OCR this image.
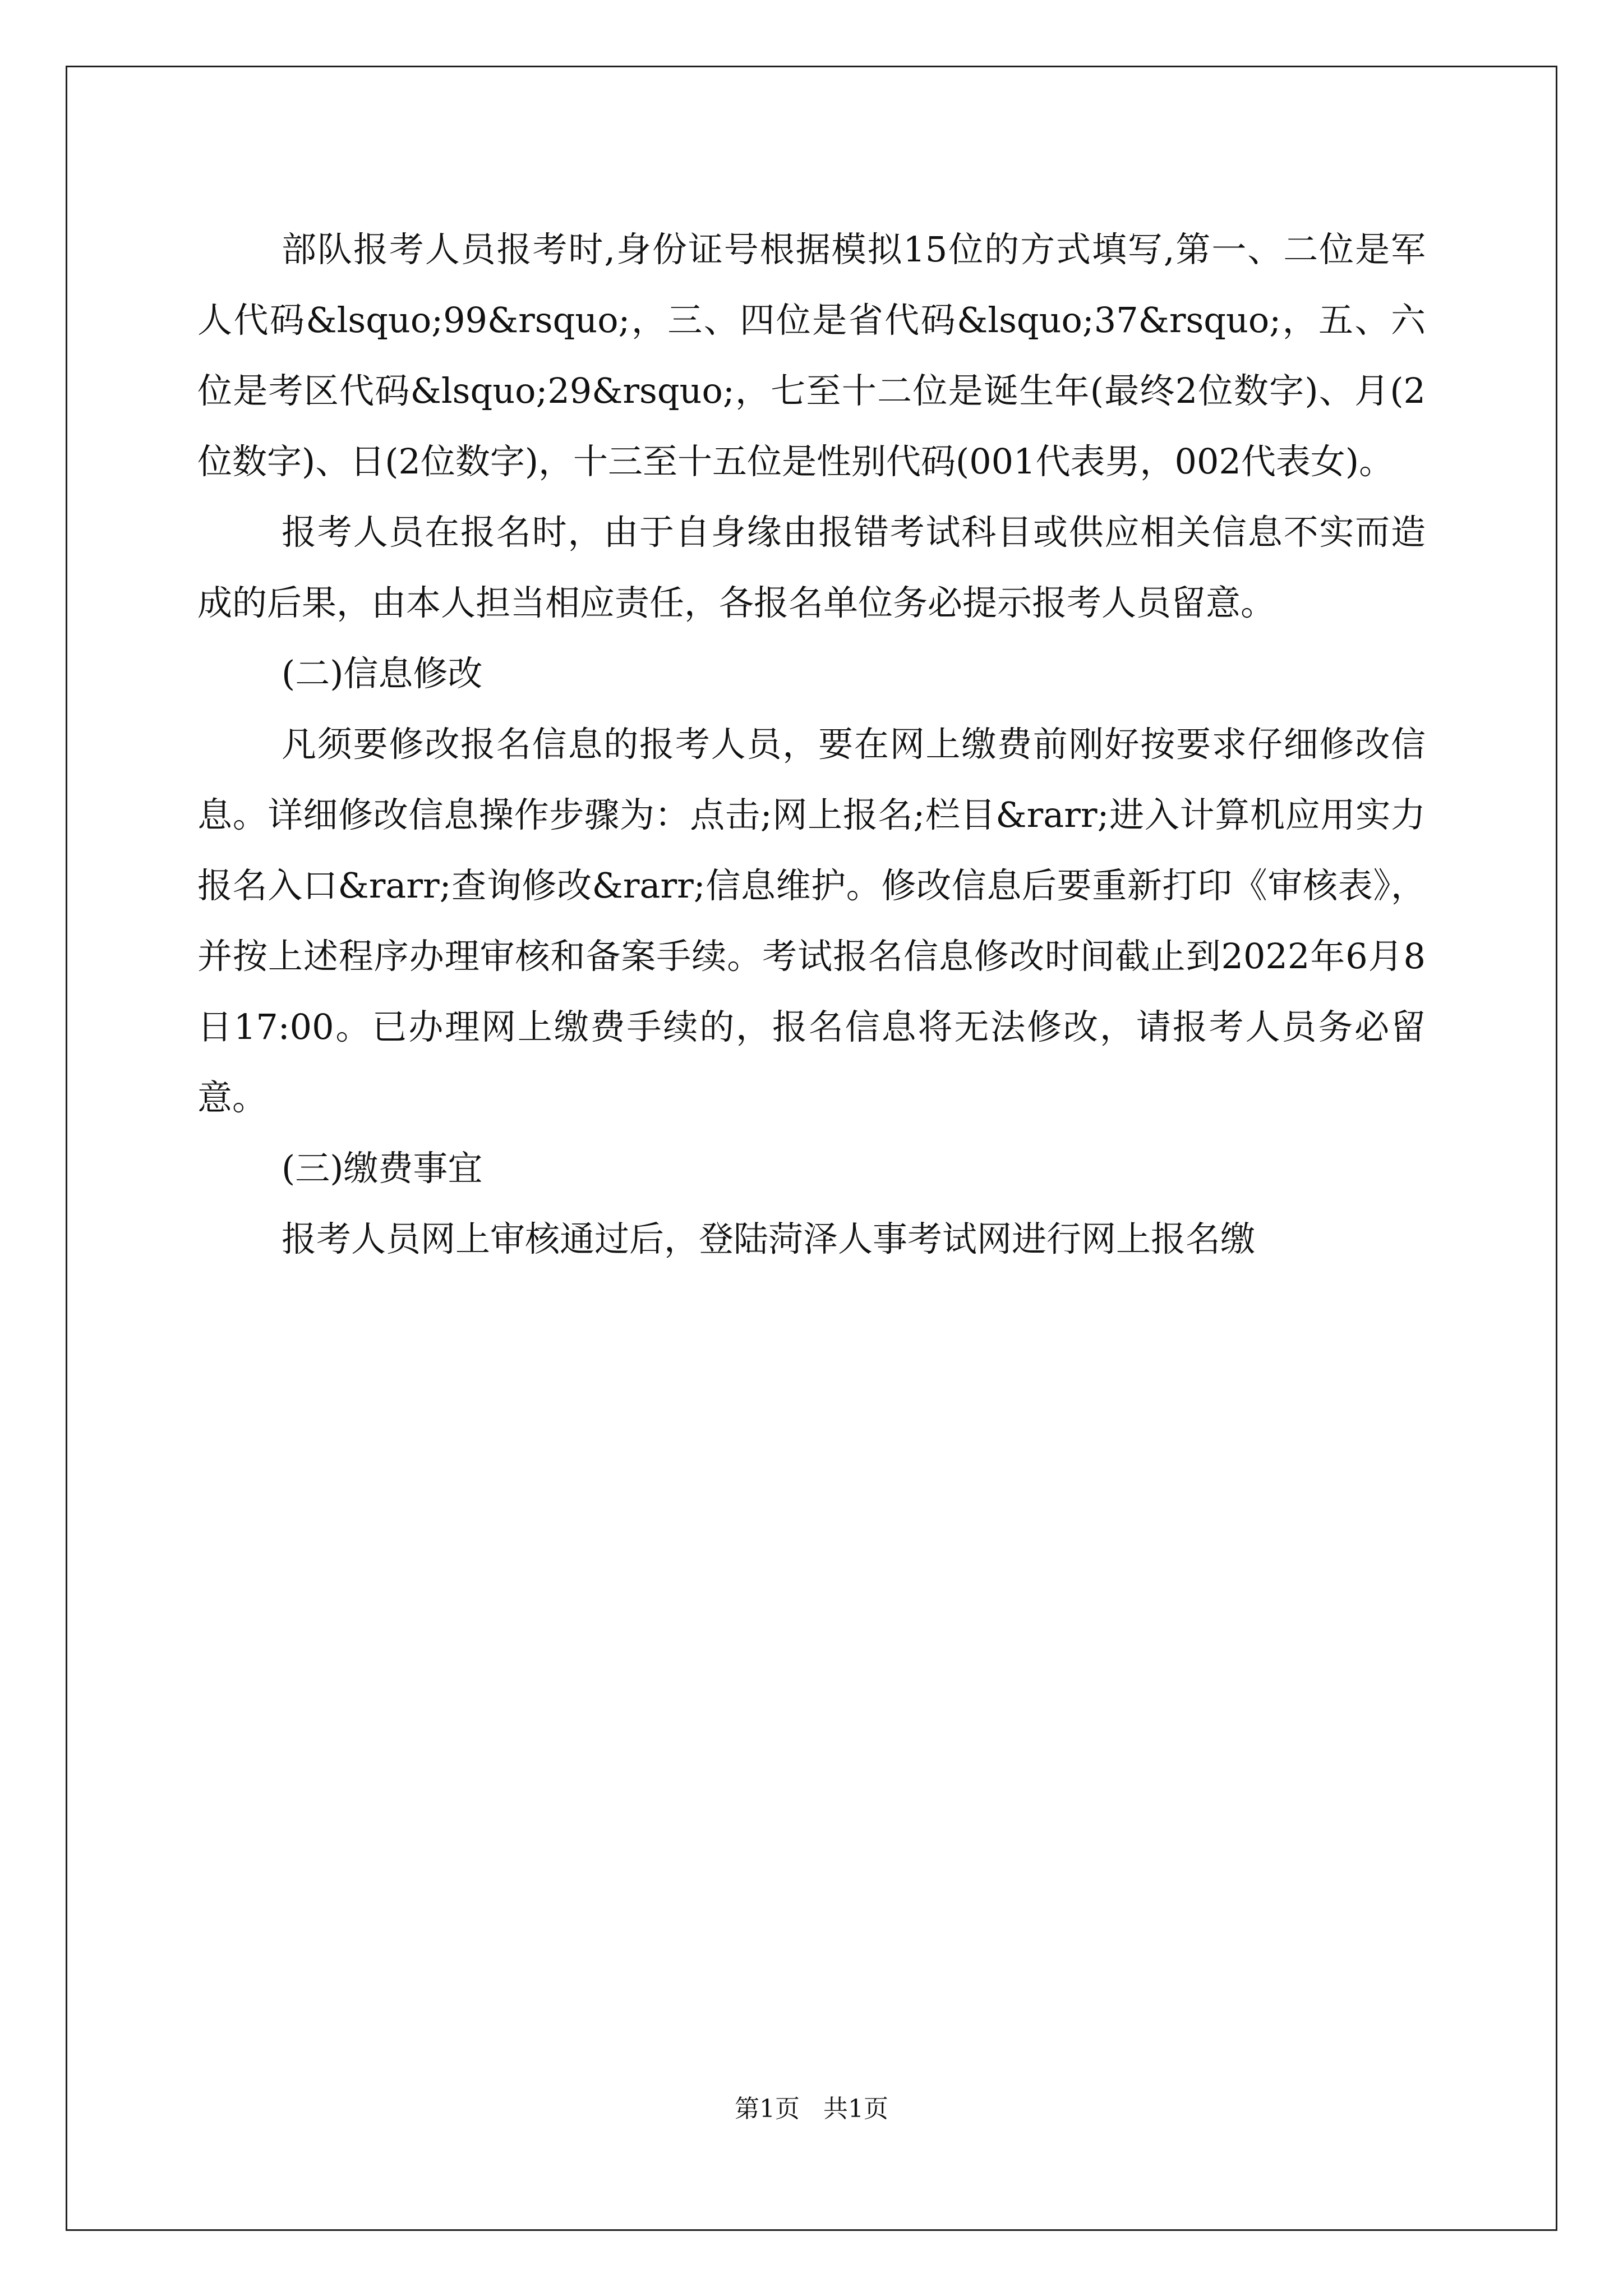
部队报考人员报考时,身份证号根据模拟15位的方式填写,第一、二位是军人代码&lsquo;99&rsquo;，三、四位是省代码&lsquo;37&rsquo;，五、六位是考区代码&lsquo;29&rsquo;，七至十二位是诞生年(最终2位数字)、月(2位数字)、日(2位数字)，十三至十五位是性别代码(001代表男，002代表女)。

报考人员在报名时，由于自身缘由报错考试科目或供应相关信息不实而造成的后果，由本人担当相应责任，各报名单位务必提示报考人员留意。

(二)信息修改

凡须要修改报名信息的报考人员，要在网上缴费前刚好按要求仔细修改信息。详细修改信息操作步骤为：点击;网上报名;栏目&rarr;进入计算机应用实力报名入口&rarr;查询修改&rarr;信息维护。修改信息后要重新打印《审核表》，并按上述程序办理审核和备案手续。考试报名信息修改时间截止到2022年6月8日17:00。已办理网上缴费手续的，报名信息将无法修改，请报考人员务必留意。

(三)缴费事宜

报考人员网上审核通过后，登陆菏泽人事考试网进行网上报名缴

第1页   共1页
